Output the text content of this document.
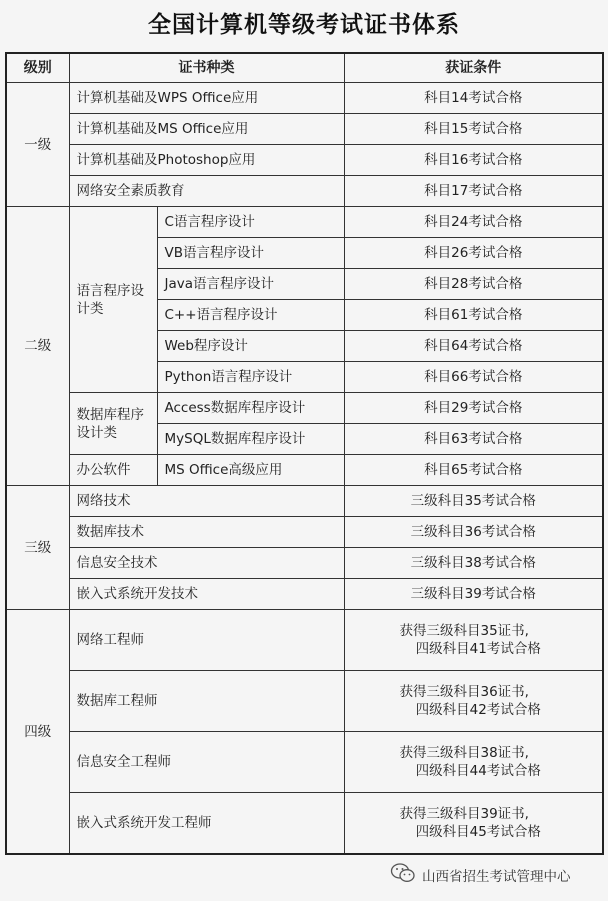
全国计算机等级考试证书体系
级别	证书种类		获证条件
一级	计算机基础及WPS Office应用		科目14考试合格
	计算机基础及MS Office应用		科目15考试合格
	计算机基础及Photoshop应用		科目16考试合格
	网络安全素质教育		科目17考试合格
二级	语言程序设计类	C语言程序设计	科目24考试合格
		VB语言程序设计	科目26考试合格
		Java语言程序设计	科目28考试合格
		C++语言程序设计	科目61考试合格
		Web程序设计	科目64考试合格
		Python语言程序设计	科目66考试合格
	数据库程序设计类	Access数据库程序设计	科目29考试合格
		MySQL数据库程序设计	科目63考试合格
	办公软件	MS Office高级应用	科目65考试合格
三级	网络技术		三级科目35考试合格
	数据库技术		三级科目36考试合格
	信息安全技术		三级科目38考试合格
	嵌入式系统开发技术		三级科目39考试合格
四级	网络工程师		获得三级科目35证书,
四级科目41考试合格

	数据库工程师		获得三级科目36证书,
四级科目42考试合格

	信息安全工程师		获得三级科目38证书,
四级科目44考试合格

	嵌入式系统开发工程师		获得三级科目39证书,
四级科目45考试合格
山西省招生考试管理中心
